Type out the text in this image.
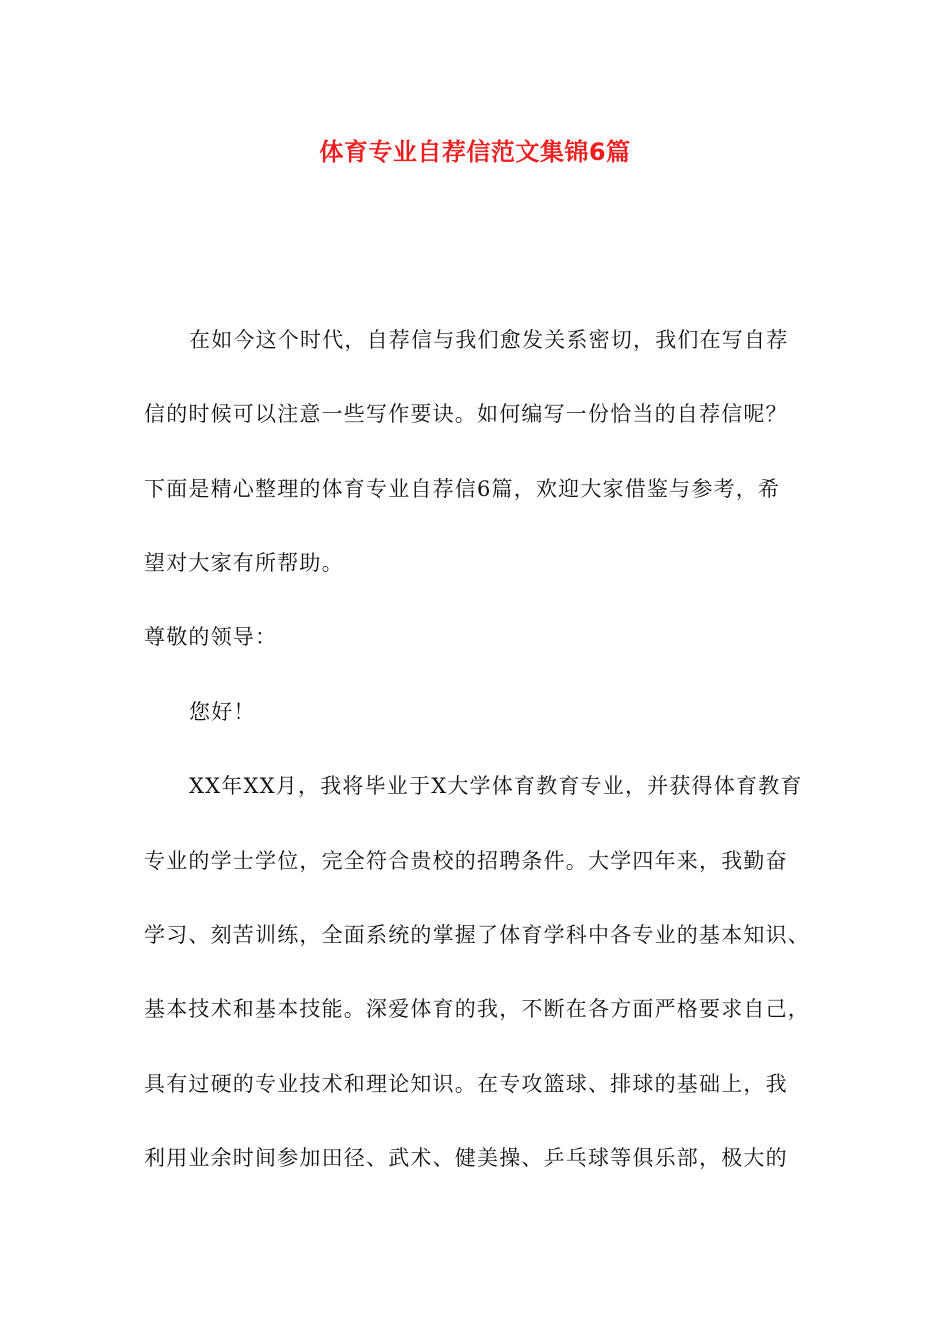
体育专业自荐信范文集锦6篇

在如今这个时代，自荐信与我们愈发关系密切，我们在写自荐

信的时候可以注意一些写作要诀。如何编写一份恰当的自荐信呢？

下面是精心整理的体育专业自荐信6篇，欢迎大家借鉴与参考，希

望对大家有所帮助。

尊敬的领导：

您好！

XX年XX月，我将毕业于X大学体育教育专业，并获得体育教育

专业的学士学位，完全符合贵校的招聘条件。大学四年来，我勤奋

学习、刻苦训练，全面系统的掌握了体育学科中各专业的基本知识、

基本技术和基本技能。深爱体育的我，不断在各方面严格要求自己，

具有过硬的专业技术和理论知识。在专攻篮球、排球的基础上，我

利用业余时间参加田径、武术、健美操、乒乓球等俱乐部，极大的
